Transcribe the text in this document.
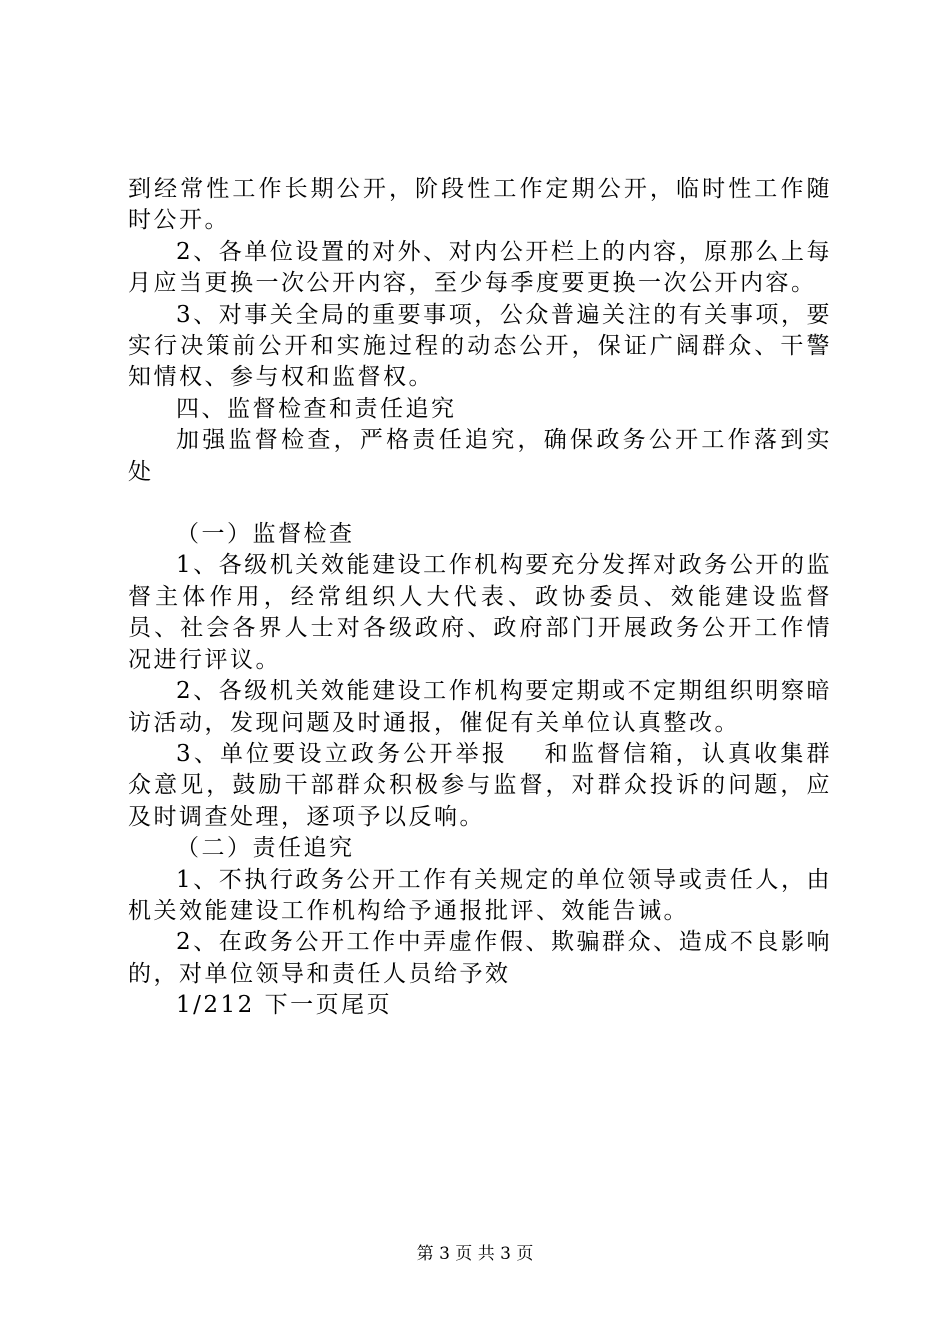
到经常性工作长期公开，阶段性工作定期公开，临时性工作随时公开。

2、各单位设置的对外、对内公开栏上的内容，原那么上每月应当更换一次公开内容，至少每季度要更换一次公开内容。

3、对事关全局的重要事项，公众普遍关注的有关事项，要实行决策前公开和实施过程的动态公开，保证广阔群众、干警知情权、参与权和监督权。

四、监督检查和责任追究

加强监督检查，严格责任追究，确保政务公开工作落到实处

（一）监督检查

1、各级机关效能建设工作机构要充分发挥对政务公开的监督主体作用，经常组织人大代表、政协委员、效能建设监督员、社会各界人士对各级政府、政府部门开展政务公开工作情况进行评议。

2、各级机关效能建设工作机构要定期或不定期组织明察暗访活动，发现问题及时通报，催促有关单位认真整改。

3、单位要设立政务公开举报　 和监督信箱，认真收集群众意见，鼓励干部群众积极参与监督，对群众投诉的问题，应及时调查处理，逐项予以反响。

（二）责任追究

1、不执行政务公开工作有关规定的单位领导或责任人，由机关效能建设工作机构给予通报批评、效能告诫。

2、在政务公开工作中弄虚作假、欺骗群众、造成不良影响的，对单位领导和责任人员给予效

1/212 下一页尾页

第 3 页 共 3 页
